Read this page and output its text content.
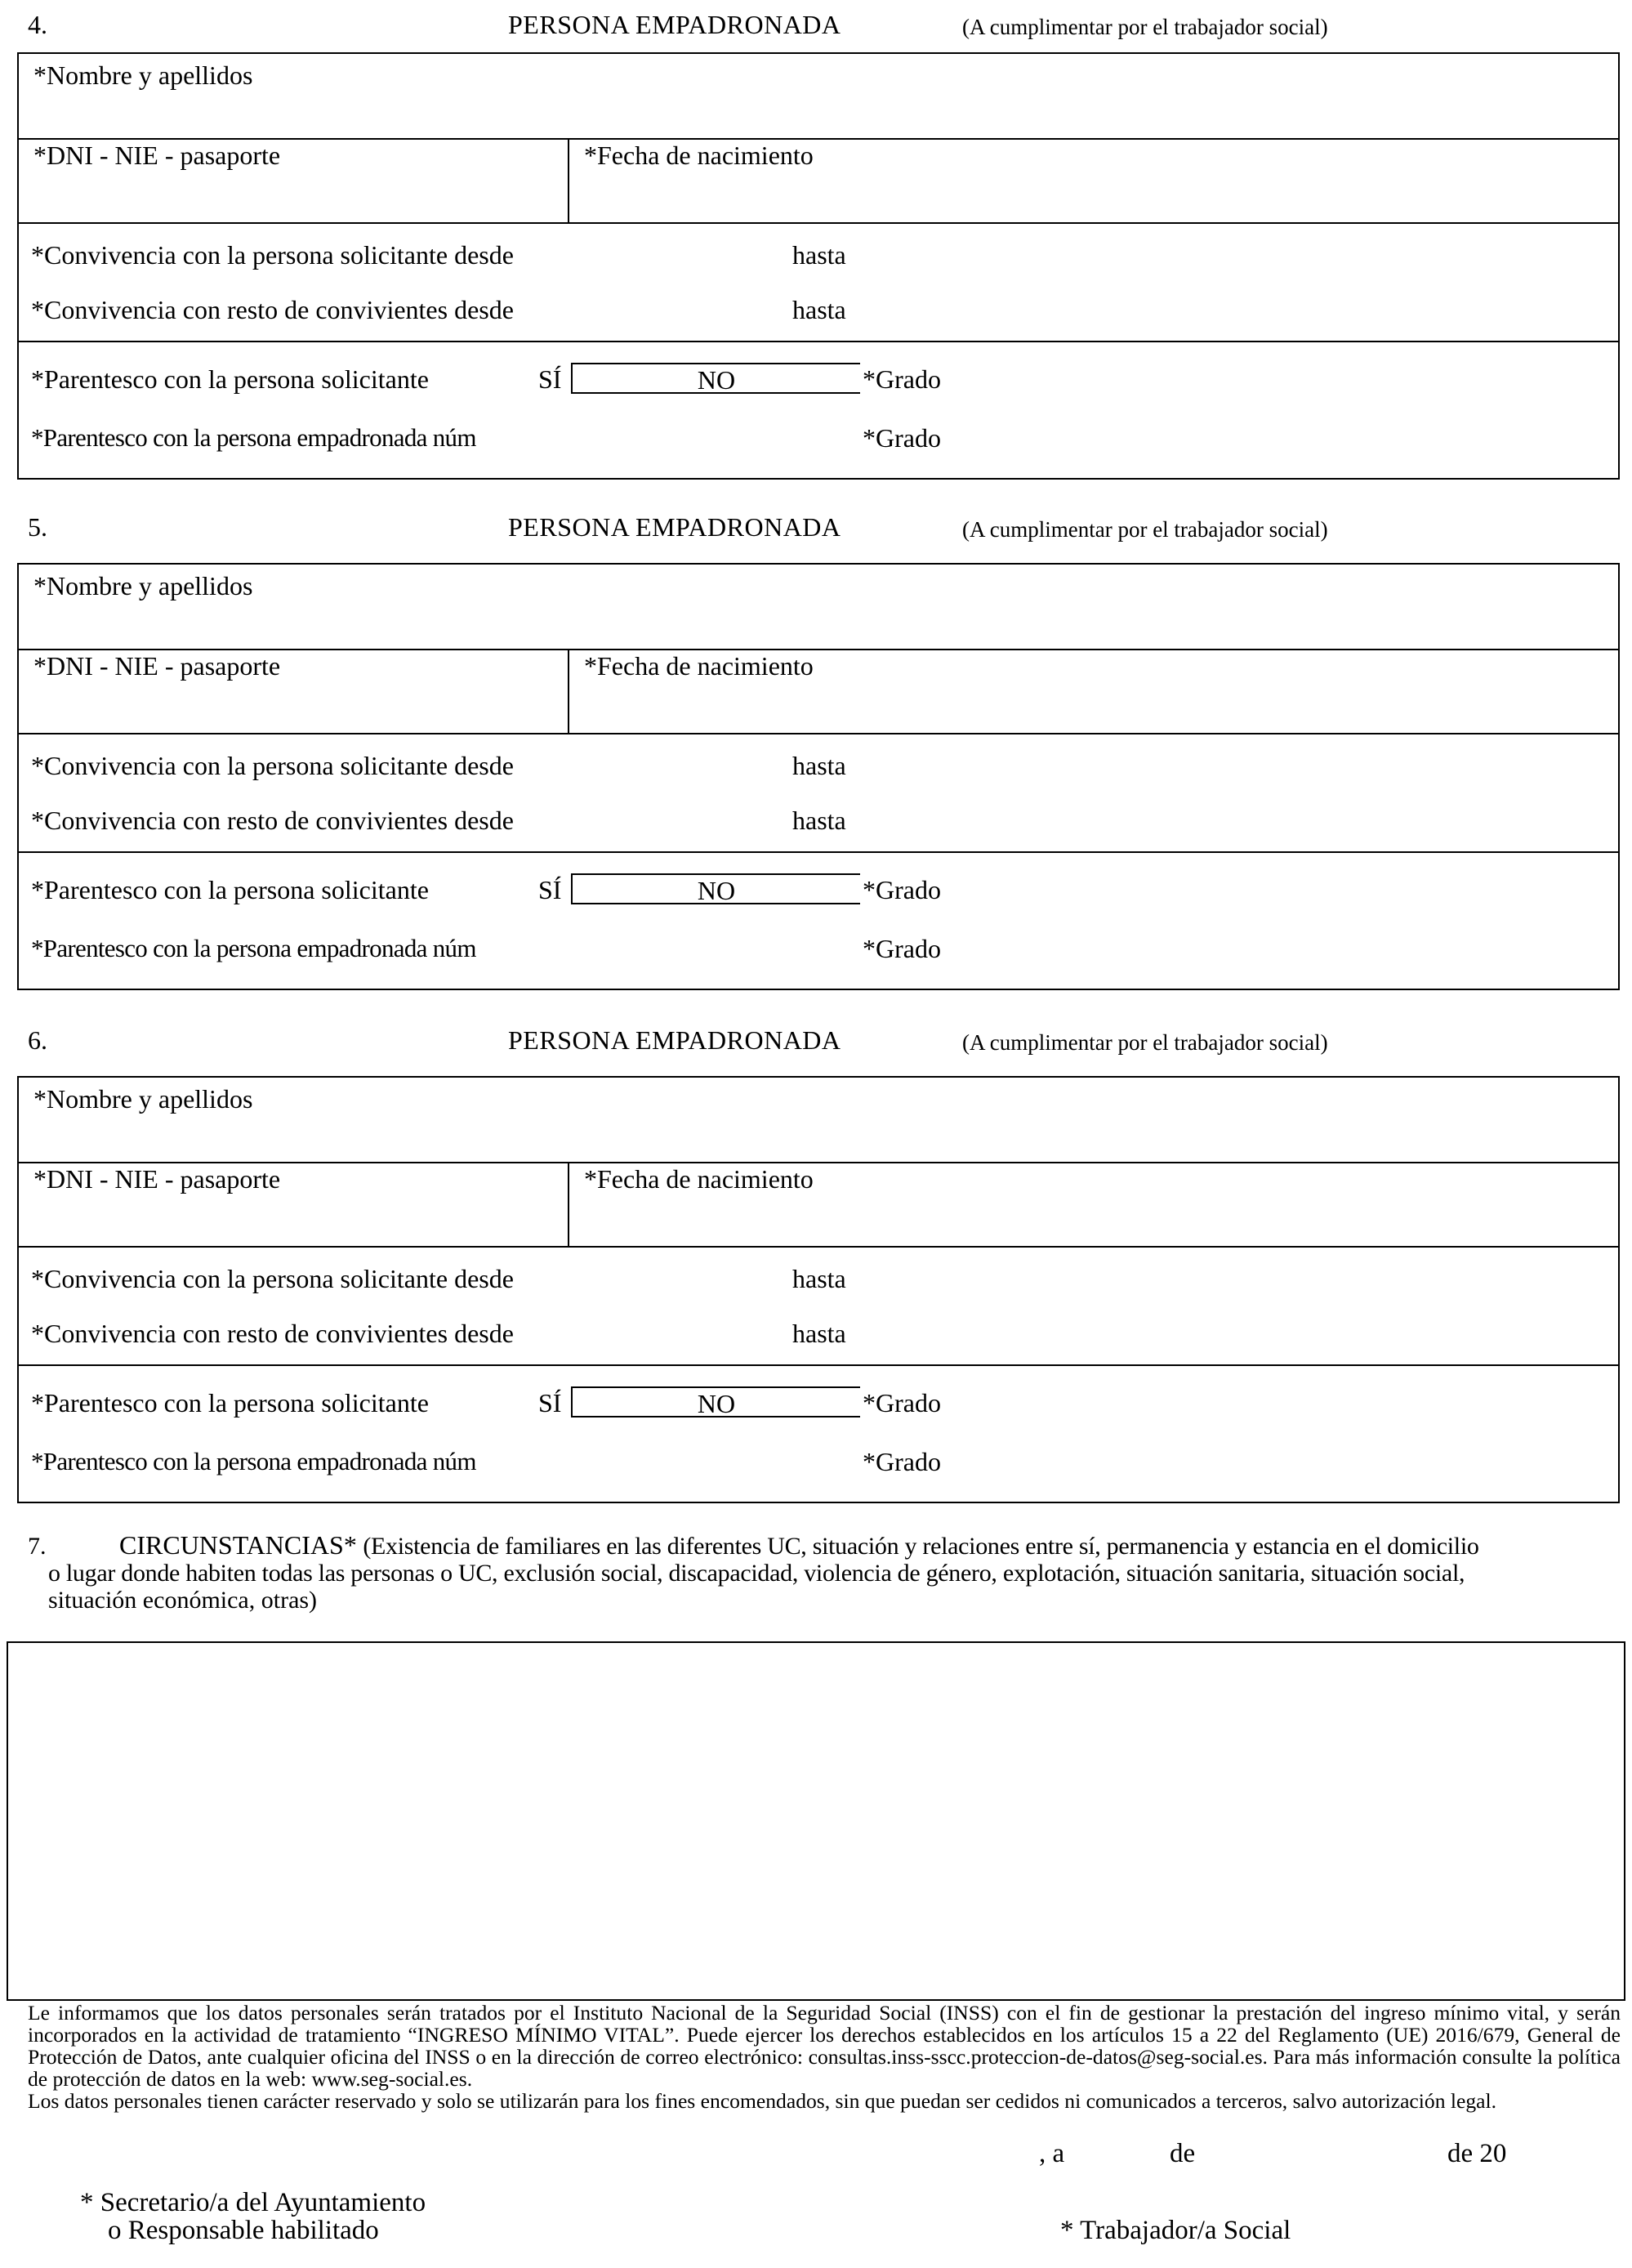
4.	PERSONA EMPADRONADA	(A cumplimentar por el trabajador social)
*Nombre y apellidos
*DNI - NIE - pasaporte	*Fecha de nacimiento
*Convivencia con la persona solicitante desde	hasta
*Convivencia con resto de convivientes desde	hasta
*Parentesco con la persona solicitante	SÍ	NO	*Grado
*Parentesco con la persona empadronada núm	*Grado
5.	PERSONA EMPADRONADA	(A cumplimentar por el trabajador social)
*Nombre y apellidos
*DNI - NIE - pasaporte	*Fecha de nacimiento
*Convivencia con la persona solicitante desde	hasta
*Convivencia con resto de convivientes desde	hasta
*Parentesco con la persona solicitante	SÍ	NO	*Grado
*Parentesco con la persona empadronada núm	*Grado
6.	PERSONA EMPADRONADA	(A cumplimentar por el trabajador social)
*Nombre y apellidos
*DNI - NIE - pasaporte	*Fecha de nacimiento
*Convivencia con la persona solicitante desde	hasta
*Convivencia con resto de convivientes desde	hasta
*Parentesco con la persona solicitante	SÍ	NO	*Grado
*Parentesco con la persona empadronada núm	*Grado
7.	CIRCUNSTANCIAS* (Existencia de familiares en las diferentes UC, situación y relaciones entre sí, permanencia y estancia en el domicilio
o lugar donde habiten todas las personas o UC, exclusión social, discapacidad, violencia de género, explotación, situación sanitaria, situación social,
situación económica, otras)

Le informamos que los datos personales serán tratados por el Instituto Nacional de la Seguridad Social (INSS) con el fin de gestionar la prestación del ingreso mínimo vital, y serán incorporados en la actividad de tratamiento “INGRESO MÍNIMO VITAL”. Puede ejercer los derechos establecidos en los artículos 15 a 22 del Reglamento (UE) 2016/679, General de Protección de Datos, ante cualquier oficina del INSS o en la dirección de correo electrónico: consultas.inss-sscc.proteccion-de-datos@seg-social.es. Para más información consulte la política de protección de datos en la web: www.seg-social.es.

Los datos personales tienen carácter reservado y solo se utilizarán para los fines encomendados, sin que puedan ser cedidos ni comunicados a terceros, salvo autorización legal.

, a	de	de 20
* Secretario/a del Ayuntamiento
o Responsable habilitado	* Trabajador/a Social
